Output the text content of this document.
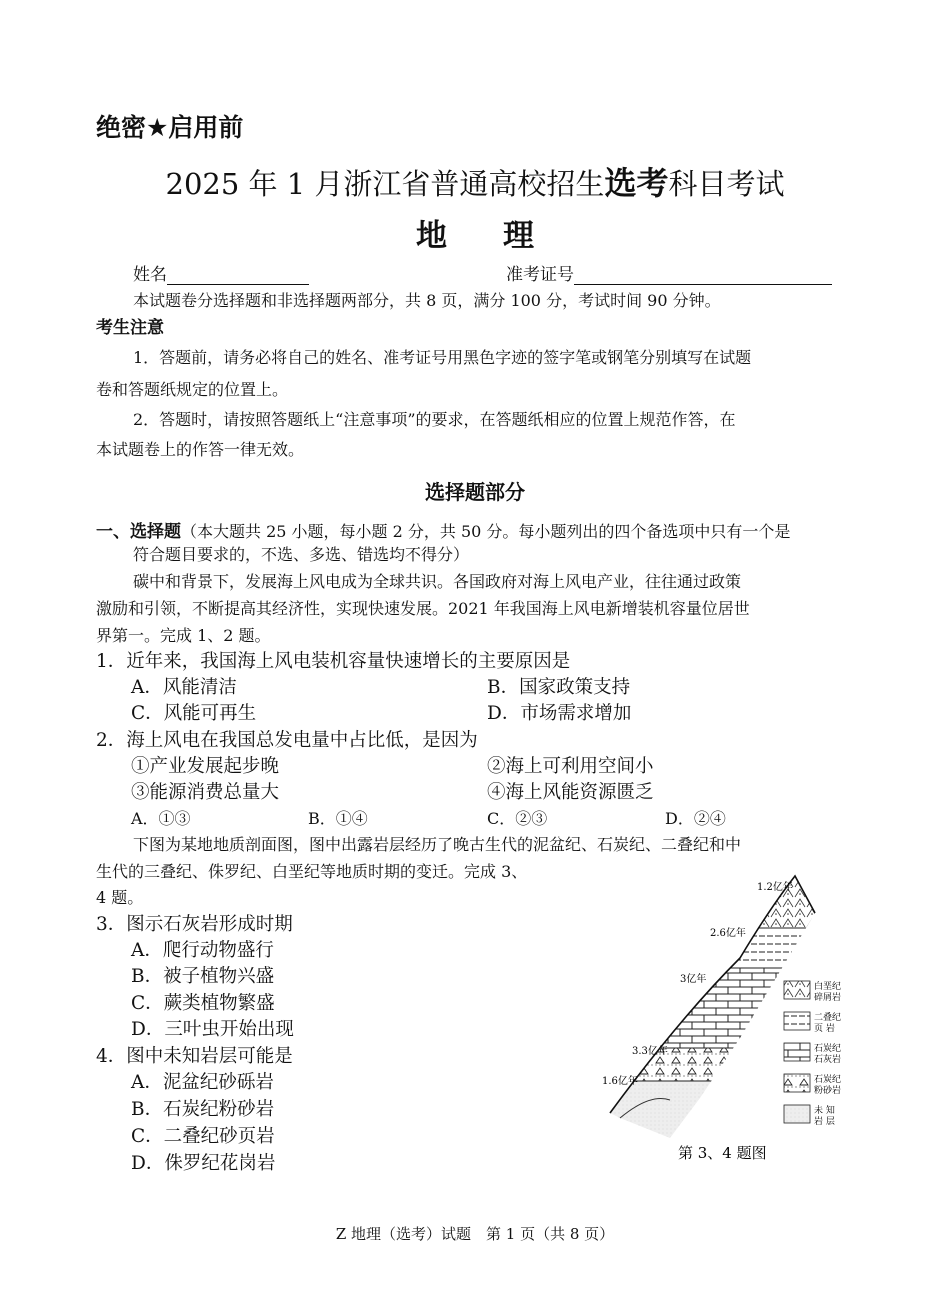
绝密★启用前
2025 年 1 月浙江省普通高校招生选考科目考试
地理
姓名	准考证号
本试题卷分选择题和非选择题两部分，共 8 页，满分 100 分，考试时间 90 分钟。
考生注意
1．答题前，请务必将自己的姓名、准考证号用黑色字迹的签字笔或钢笔分别填写在试题
卷和答题纸规定的位置上。
2．答题时，请按照答题纸上“注意事项”的要求，在答题纸相应的位置上规范作答，在
本试题卷上的作答一律无效。
选择题部分
一、选择题（本大题共 25 小题，每小题 2 分，共 50 分。每小题列出的四个备选项中只有一个是
符合题目要求的，不选、多选、错选均不得分）
碳中和背景下，发展海上风电成为全球共识。各国政府对海上风电产业，往往通过政策
激励和引领，不断提高其经济性，实现快速发展。2021 年我国海上风电新增装机容量位居世
界第一。完成 1、2 题。
1．近年来，我国海上风电装机容量快速增长的主要原因是
A．风能清洁	B．国家政策支持
C．风能可再生	D．市场需求增加
2．海上风电在我国总发电量中占比低，是因为
①产业发展起步晚	②海上可利用空间小
③能源消费总量大	④海上风能资源匮乏
A．①③	B．①④	C．②③	D．②④
下图为某地地质剖面图，图中出露岩层经历了晚古生代的泥盆纪、石炭纪、二叠纪和中
生代的三叠纪、侏罗纪、白垩纪等地质时期的变迁。完成 3、
4 题。
3．图示石灰岩形成时期
A．爬行动物盛行
B．被子植物兴盛
C．蕨类植物繁盛
D．三叶虫开始出现
4．图中未知岩层可能是
A．泥盆纪砂砾岩
B．石炭纪粉砂岩
C．二叠纪砂页岩
D．侏罗纪花岗岩
1.2亿年
2.6亿年
3亿年
3.3亿年
1.6亿年
白垩纪
碎屑岩
二叠纪
页 岩
石炭纪
石灰岩
石炭纪
粉砂岩
未 知
岩 层
第 3、4 题图
Z 地理（选考）试题　第 1 页（共 8 页）
